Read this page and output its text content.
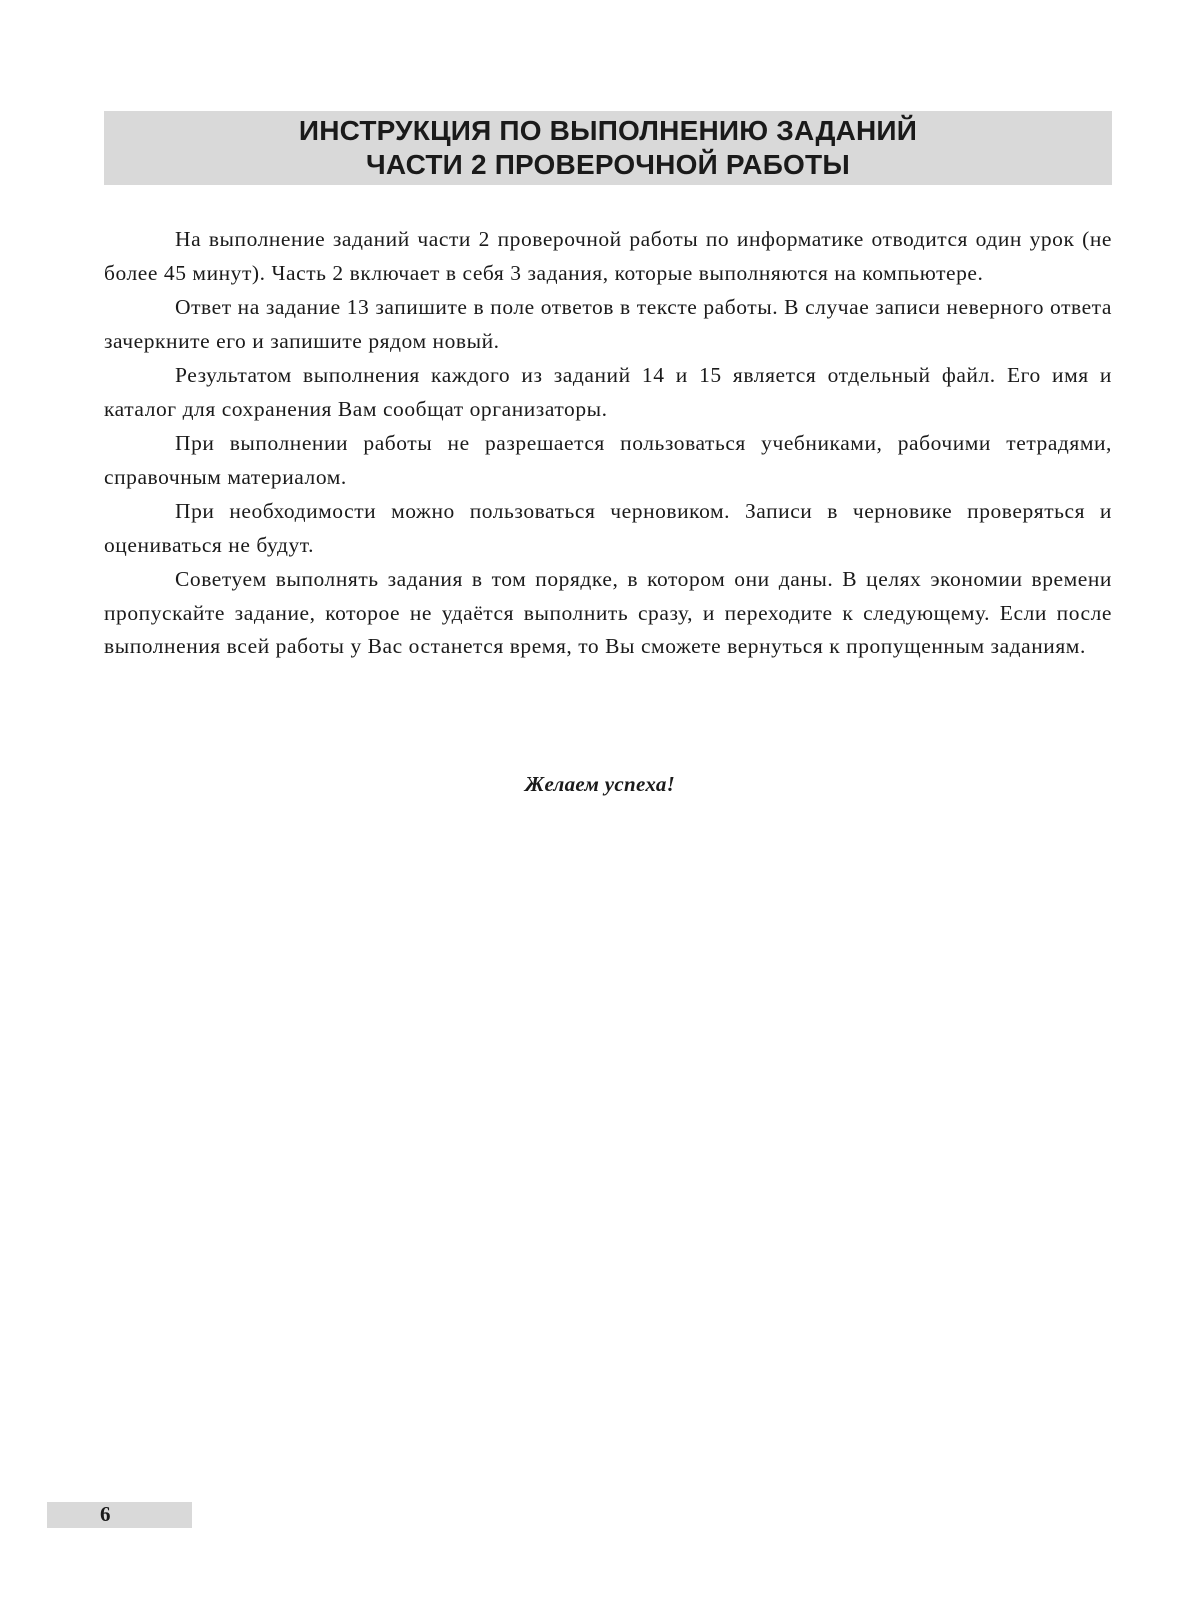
ИНСТРУКЦИЯ ПО ВЫПОЛНЕНИЮ ЗАДАНИЙ
ЧАСТИ 2 ПРОВЕРОЧНОЙ РАБОТЫ

На выполнение заданий части 2 проверочной работы по информатике отводится один урок (не более 45 минут). Часть 2 включает в себя 3 задания, которые выполняются на компьютере.

Ответ на задание 13 запишите в поле ответов в тексте работы. В случае записи неверного ответа зачеркните его и запишите рядом новый.

Результатом выполнения каждого из заданий 14 и 15 является отдельный файл. Его имя и каталог для сохранения Вам сообщат организаторы.

При выполнении работы не разрешается пользоваться учебниками, рабочими тетрадями, справочным материалом.

При необходимости можно пользоваться черновиком. Записи в черновике проверяться и оцениваться не будут.

Советуем выполнять задания в том порядке, в котором они даны. В целях экономии времени пропускайте задание, которое не удаётся выполнить сразу, и переходите к следующему. Если после выполнения всей работы у Вас останется время, то Вы сможете вернуться к пропущенным заданиям.

Желаем успеха!
6
